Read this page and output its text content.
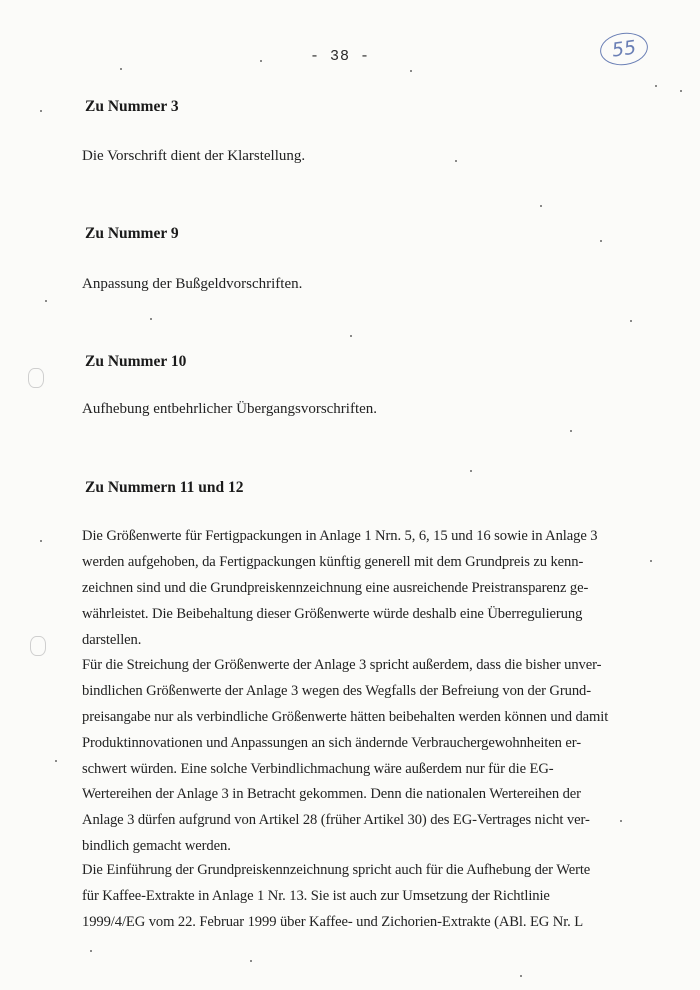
- 38 -	55
Zu Nummer 3
Die Vorschrift dient der Klarstellung.
Zu Nummer 9
Anpassung der Bußgeldvorschriften.
Zu Nummer 10
Aufhebung entbehrlicher Übergangsvorschriften.
Zu Nummern 11 und 12
Die Größenwerte für Fertigpackungen in Anlage 1 Nrn. 5, 6, 15 und 16 sowie in Anlage 3
werden aufgehoben, da Fertigpackungen künftig generell mit dem Grundpreis zu kenn-
zeichnen sind und die Grundpreiskennzeichnung eine ausreichende Preistransparenz ge-
währleistet. Die Beibehaltung dieser Größenwerte würde deshalb eine Überregulierung
darstellen.
Für die Streichung der Größenwerte der Anlage 3 spricht außerdem, dass die bisher unver-
bindlichen Größenwerte der Anlage 3 wegen des Wegfalls der Befreiung von der Grund-
preisangabe nur als verbindliche Größenwerte hätten beibehalten werden können und damit
Produktinnovationen und Anpassungen an sich ändernde Verbrauchergewohnheiten er-
schwert würden. Eine solche Verbindlichmachung wäre außerdem nur für die EG-
Wertereihen der Anlage 3 in Betracht gekommen. Denn die nationalen Wertereihen der
Anlage 3 dürfen aufgrund von Artikel 28 (früher Artikel 30) des EG-Vertrages nicht ver-
bindlich gemacht werden.
Die Einführung der Grundpreiskennzeichnung spricht auch für die Aufhebung der Werte
für Kaffee-Extrakte in Anlage 1 Nr. 13. Sie ist auch zur Umsetzung der Richtlinie
1999/4/EG vom 22. Februar 1999 über Kaffee- und Zichorien-Extrakte (ABl. EG Nr. L
